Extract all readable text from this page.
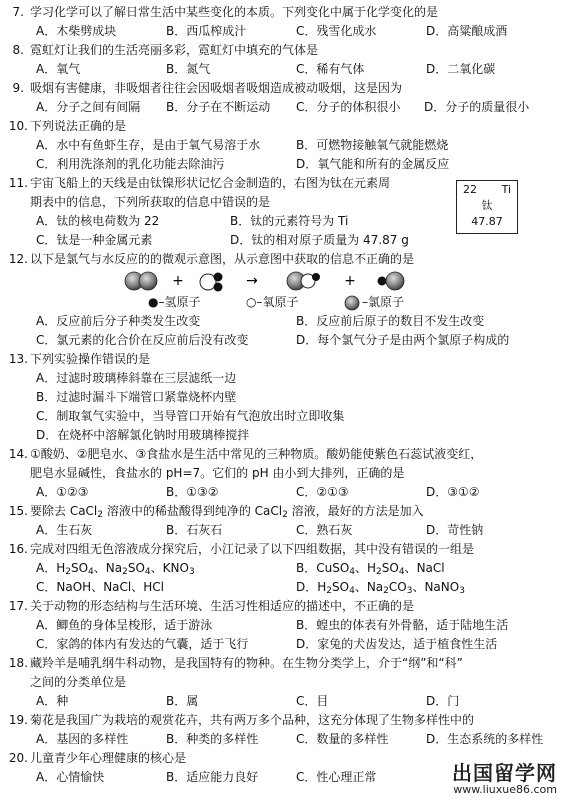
7. 学习化学可以了解日常生活中某些变化的本质。下列变化中属于化学变化的是
A．木柴劈成块	B．西瓜榨成汁	C．残雪化成水	D．高粱酿成酒
8. 霓虹灯让我们的生活亮丽多彩，霓虹灯中填充的气体是
A．氧气	B．氮气	C．稀有气体	D．二氧化碳
9. 吸烟有害健康，非吸烟者往往会因吸烟者吸烟造成被动吸烟，这是因为
A．分子之间有间隔 B．分子在不断运动 C．分子的体积很小 D．分子的质量很小
10. 下列说法正确的是
A．水中有鱼虾生存，是由于氧气易溶于水	B．可燃物接触氧气就能燃烧
C．利用洗涤剂的乳化功能去除油污	D．氧气能和所有的金属反应
11. 宇宙飞船上的天线是由钛镍形状记忆合金制造的，右图为钛在元素周
期表中的信息，下列所获取的信息中错误的是
A．钛的核电荷数为 22	B．钛的元素符号为 Ti
C．钛是一种金属元素	D．钛的相对原子质量为 47.87 g
12. 以下是氯气与水反应的的微观示意图，从示意图中获取的信息不正确的是
+	→	+
●–氢原子	○–氧原子	–氯原子
A．反应前后分子种类发生改变	B．反应前后原子的数目不发生改变
C．氯元素的化合价在反应前后没有改变	D．每个氯气分子是由两个氯原子构成的
13. 下列实验操作错误的是
A．过滤时玻璃棒斜靠在三层滤纸一边
B．过滤时漏斗下端管口紧靠烧杯内壁
C．制取氧气实验中，当导管口开始有气泡放出时立即收集
D．在烧杯中溶解氯化钠时用玻璃棒搅拌
14. ①酸奶、②肥皂水、③食盐水是生活中常见的三种物质。酸奶能使紫色石蕊试液变红，
肥皂水显碱性，食盐水的 pH=7。它们的 pH 由小到大排列，正确的是
A．①②③	B．①③②	C．②①③	D．③①②
15. 要除去 CaCl$_2$ 溶液中的稀盐酸得到纯净的 CaCl$_2$ 溶液，最好的方法是加入
A．生石灰	B．石灰石	C．熟石灰	D．苛性钠
16. 完成对四组无色溶液成分探究后，小江记录了以下四组数据，其中没有错误的一组是
A．$H_2SO_4$、$Na_2SO_4$、$KNO_3$	B．CuSO$_4$、$H_2SO_4$、NaCl
C．NaOH、NaCl、HCl	D．$H_2SO_4$、$Na_2CO_3$、NaNO$_3$
17. 关于动物的形态结构与生活环境、生活习性相适应的描述中，不正确的是
A．鲫鱼的身体呈梭形，适于游泳	B．蝗虫的体表有外骨骼，适于陆地生活
C．家鸽的体内有发达的气囊，适于飞行	D．家兔的犬齿发达，适于植食性生活
18. 藏羚羊是哺乳纲牛科动物，是我国特有的物种。在生物分类学上，介于“纲”和“科”
之间的分类单位是
A．种	B．属	C．目	D．门
19. 菊花是我国广为栽培的观赏花卉，共有两万多个品种，这充分体现了生物多样性中的
A．基因的多样性	B．种类的多样性	C．数量的多样性	D．生态系统的多样性
20. 儿童青少年心理健康的核心是
A．心情愉快	B．适应能力良好	C．性心理正常
22 Ti
钛
47.87
出国留学网
www.liuxue86.com
